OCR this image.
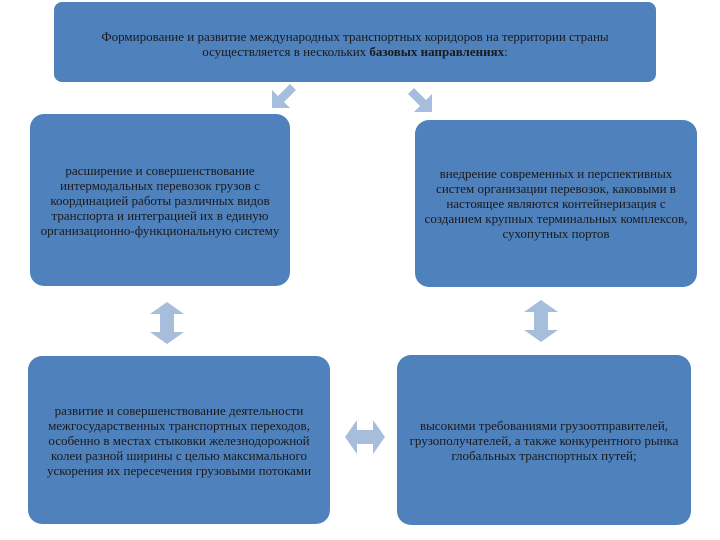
Формирование и развитие международных транспортных коридоров на территории страны осуществляется в нескольких базовых направлениях:

расширение и совершенствование интермодальных перевозок грузов с координацией работы различных видов транспорта и интеграцией их в единую организационно-функциональную систему
внедрение современных и перспективных систем организации перевозок, каковыми в настоящее являются контейнеризация с созданием крупных терминальных комплексов, сухопутных портов
развитие и совершенствование деятельности межгосударственных транспортных переходов, особенно в местах стыковки железнодорожной колеи разной ширины с целью максимального ускорения их пересечения грузовыми потоками
высокими требованиями грузоотправителей, грузополучателей, а также конкурентного рынка глобальных транспортных путей;
